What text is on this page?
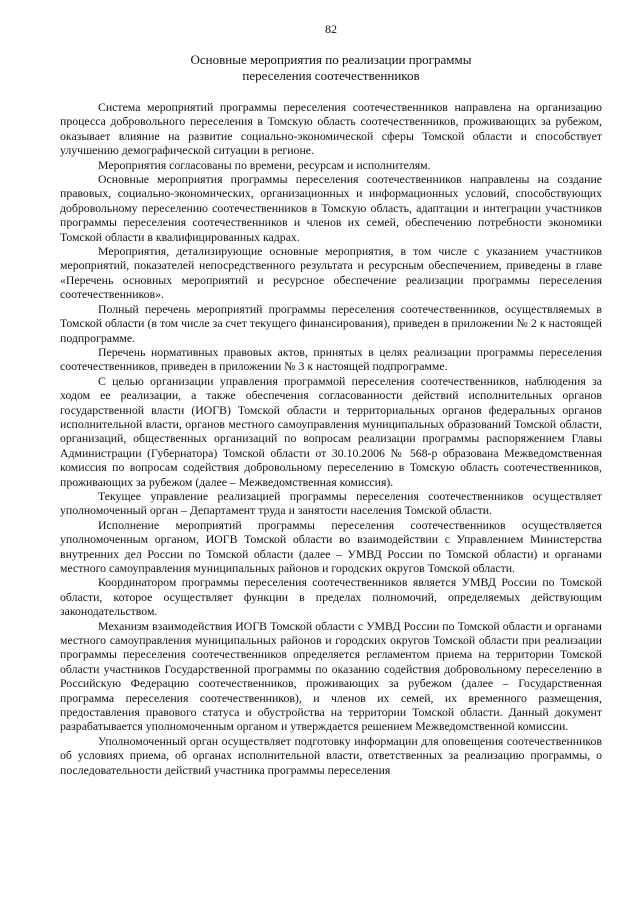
82
Основные мероприятия по реализации программы
переселения соотечественников

Система мероприятий программы переселения соотечественников направлена на организацию процесса добровольного переселения в Томскую область соотечественников, проживающих за рубежом, оказывает влияние на развитие социально-экономической сферы Томской области и способствует улучшению демографической ситуации в регионе.

Мероприятия согласованы по времени, ресурсам и исполнителям.

Основные мероприятия программы переселения соотечественников направлены на создание правовых, социально-экономических, организационных и информационных условий, способствующих добровольному переселению соотечественников в Томскую область, адаптации и интеграции участников программы переселения соотечественников и членов их семей, обеспечению потребности экономики Томской области в квалифицированных кадрах.

Мероприятия, детализирующие основные мероприятия, в том числе с указанием участников мероприятий, показателей непосредственного результата и ресурсным обеспечением, приведены в главе «Перечень основных мероприятий и ресурсное обеспечение реализации программы переселения соотечественников».

Полный перечень мероприятий программы переселения соотечественников, осуществляемых в Томской области (в том числе за счет текущего финансирования), приведен в приложении № 2 к настоящей подпрограмме.

Перечень нормативных правовых актов, принятых в целях реализации программы переселения соотечественников, приведен в приложении № 3 к настоящей подпрограмме.

С целью организации управления программой переселения соотечественников, наблюдения за ходом ее реализации, а также обеспечения согласованности действий исполнительных органов государственной власти (ИОГВ) Томской области и территориальных органов федеральных органов исполнительной власти, органов местного самоуправления муниципальных образований Томской области, организаций, общественных организаций по вопросам реализации программы распоряжением Главы Администрации (Губернатора) Томской области от 30.10.2006 № 568-р образована Межведомственная комиссия по вопросам содействия добровольному переселению в Томскую область соотечественников, проживающих за рубежом (далее – Межведомственная комиссия).

Текущее управление реализацией программы переселения соотечественников осуществляет уполномоченный орган – Департамент труда и занятости населения Томской области.

Исполнение мероприятий программы переселения соотечественников осуществляется уполномоченным органом, ИОГВ Томской области во взаимодействии с Управлением Министерства внутренних дел России по Томской области (далее – УМВД России по Томской области) и органами местного самоуправления муниципальных районов и городских округов Томской области.

Координатором программы переселения соотечественников является УМВД России по Томской области, которое осуществляет функции в пределах полномочий, определяемых действующим законодательством.

Механизм взаимодействия ИОГВ Томской области с УМВД России по Томской области и органами местного самоуправления муниципальных районов и городских округов Томской области при реализации программы переселения соотечественников определяется регламентом приема на территории Томской области участников Государственной программы по оказанию содействия добровольному переселению в Российскую Федерацию соотечественников, проживающих за рубежом (далее – Государственная программа переселения соотечественников), и членов их семей, их временного размещения, предоставления правового статуса и обустройства на территории Томской области. Данный документ разрабатывается уполномоченным органом и утверждается решением Межведомственной комиссии.

Уполномоченный орган осуществляет подготовку информации для оповещения соотечественников об условиях приема, об органах исполнительной власти, ответственных за реализацию программы, о последовательности действий участника программы переселения
